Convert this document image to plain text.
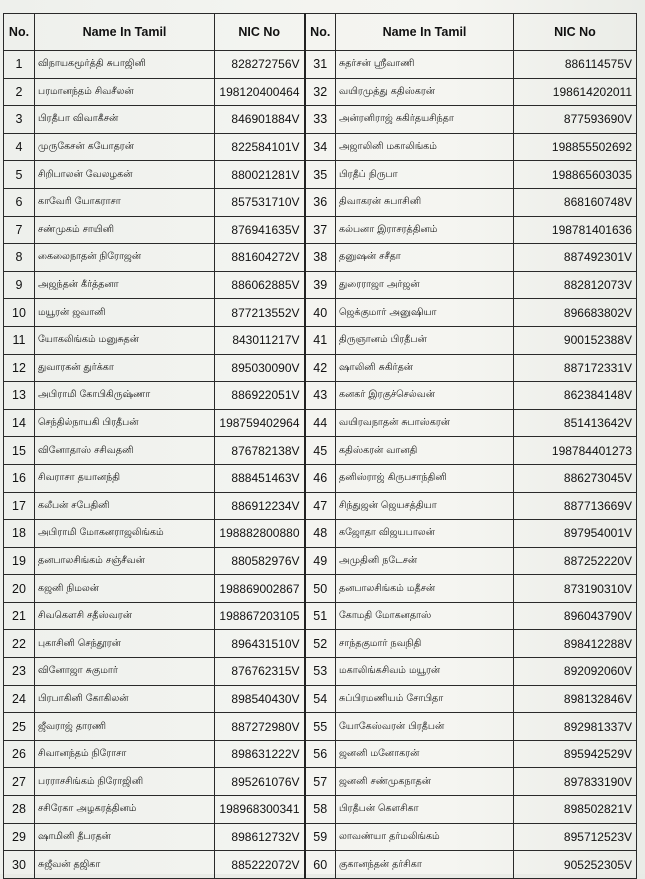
No.	Name In Tamil	NIC No	No.	Name In Tamil	NIC No
1	விநாயகமூர்த்தி சுபாஜினி	828272756V	31	சுதர்சன் ஸ்ரீவாணி	886114575V
2	பரமானந்தம் சிவசீலன்	198120400464	32	வயிரமுத்து கதிஸ்கரன்	198614202011
3	பிரதீபா விவாகீசன்	846901884V	33	அன்ரனிராஜ் சுகிர்தயசிந்தா	877593690V
4	முருகேசன் கயோதரன்	822584101V	34	அஜாலினி மகாலிங்கம்	198855502692
5	சிறிபாலன் வேலழகன்	880021281V	35	பிரதீப் நிருபா	198865603035
6	காவேரி யோகராசா	857531710V	36	திவாகரன் சுபாசினி	868160748V
7	சண்முகம் சாயினி	876941635V	37	கல்பனா இராசரத்தினம்	198781401636
8	கைலைநாதன் நிரோஜன்	881604272V	38	தனுஷன் சசீதா	887492301V
9	அஜந்தன் கீர்த்தனா	886062885V	39	துரைராஜா அர்ஜன்	882812073V
10	மயூரன் ஜவானி	877213552V	40	ஜெக்குமார் அனுஷியா	896683802V
11	யோகலிங்கம் மனுசுதன்	843011217V	41	திருஞானம் பிரதீபன்	900152388V
12	துவாரகன் துர்க்கா	895030090V	42	ஷாலினி சுகிர்தன்	887172331V
13	அபிராமி கோபிகிருஷ்ணா	886922051V	43	கனகர் இரகுச்செல்வன்	862384148V
14	செந்தில்நாயகி பிரதீபன்	198759402964	44	வயிரவநாதன் சுபாஸ்கரன்	851413642V
15	வினோதாஸ் சசிவதனி	876782138V	45	கதிஸ்கரன் வானதி	198784401273
16	சிவராசா தயானந்தி	888451463V	46	தனிஸ்ராஜ் கிருபசாந்தினி	886273045V
17	கலீபன் சபேதினி	886912234V	47	சிந்துஜன் ஜெயசத்தியா	887713669V
18	அபிராமி மோகனராஜலிங்கம்	198882800880	48	கஜோதா விஜயபாலன்	897954001V
19	தனபாலசிங்கம் சஞ்சீவன்	880582976V	49	அமுதினி நடேசன்	887252220V
20	கஜனி நிமலன்	198869002867	50	தனபாலசிங்கம் மதீசன்	873190310V
21	சிவகௌசி சதீஸ்வரன்	198867203105	51	கோமதி மோகனதாஸ்	896043790V
22	புகாசினி செந்தூரன்	896431510V	52	சாந்தகுமார் நவநிதி	898412288V
23	வினோஜா சுகுமார்	876762315V	53	மகாலிங்கசிவம் மயூரன்	892092060V
24	பிரபாகினி கோகிலன்	898540430V	54	சுப்பிரமணியம் சோபிதா	898132846V
25	ஜீவராஜ் தாரணி	887272980V	55	யோகேஸ்வரன் பிரதீபன்	892981337V
26	சிவானந்தம் நிரோசா	898631222V	56	ஜனனி மனோகரன்	895942529V
27	பரராசசிங்கம் நிரோஜினி	895261076V	57	ஜனனி சண்முகநாதன்	897833190V
28	சசிரேகா அழகரத்தினம்	198968300341	58	பிரதீபன் கௌசிகா	898502821V
29	ஷாமினி தீபரதன்	898612732V	59	லாவண்யா தர்மலிங்கம்	895712523V
30	சுஜீவன் தஜிகா	885222072V	60	குகானந்தன் தர்சிகா	905252305V
